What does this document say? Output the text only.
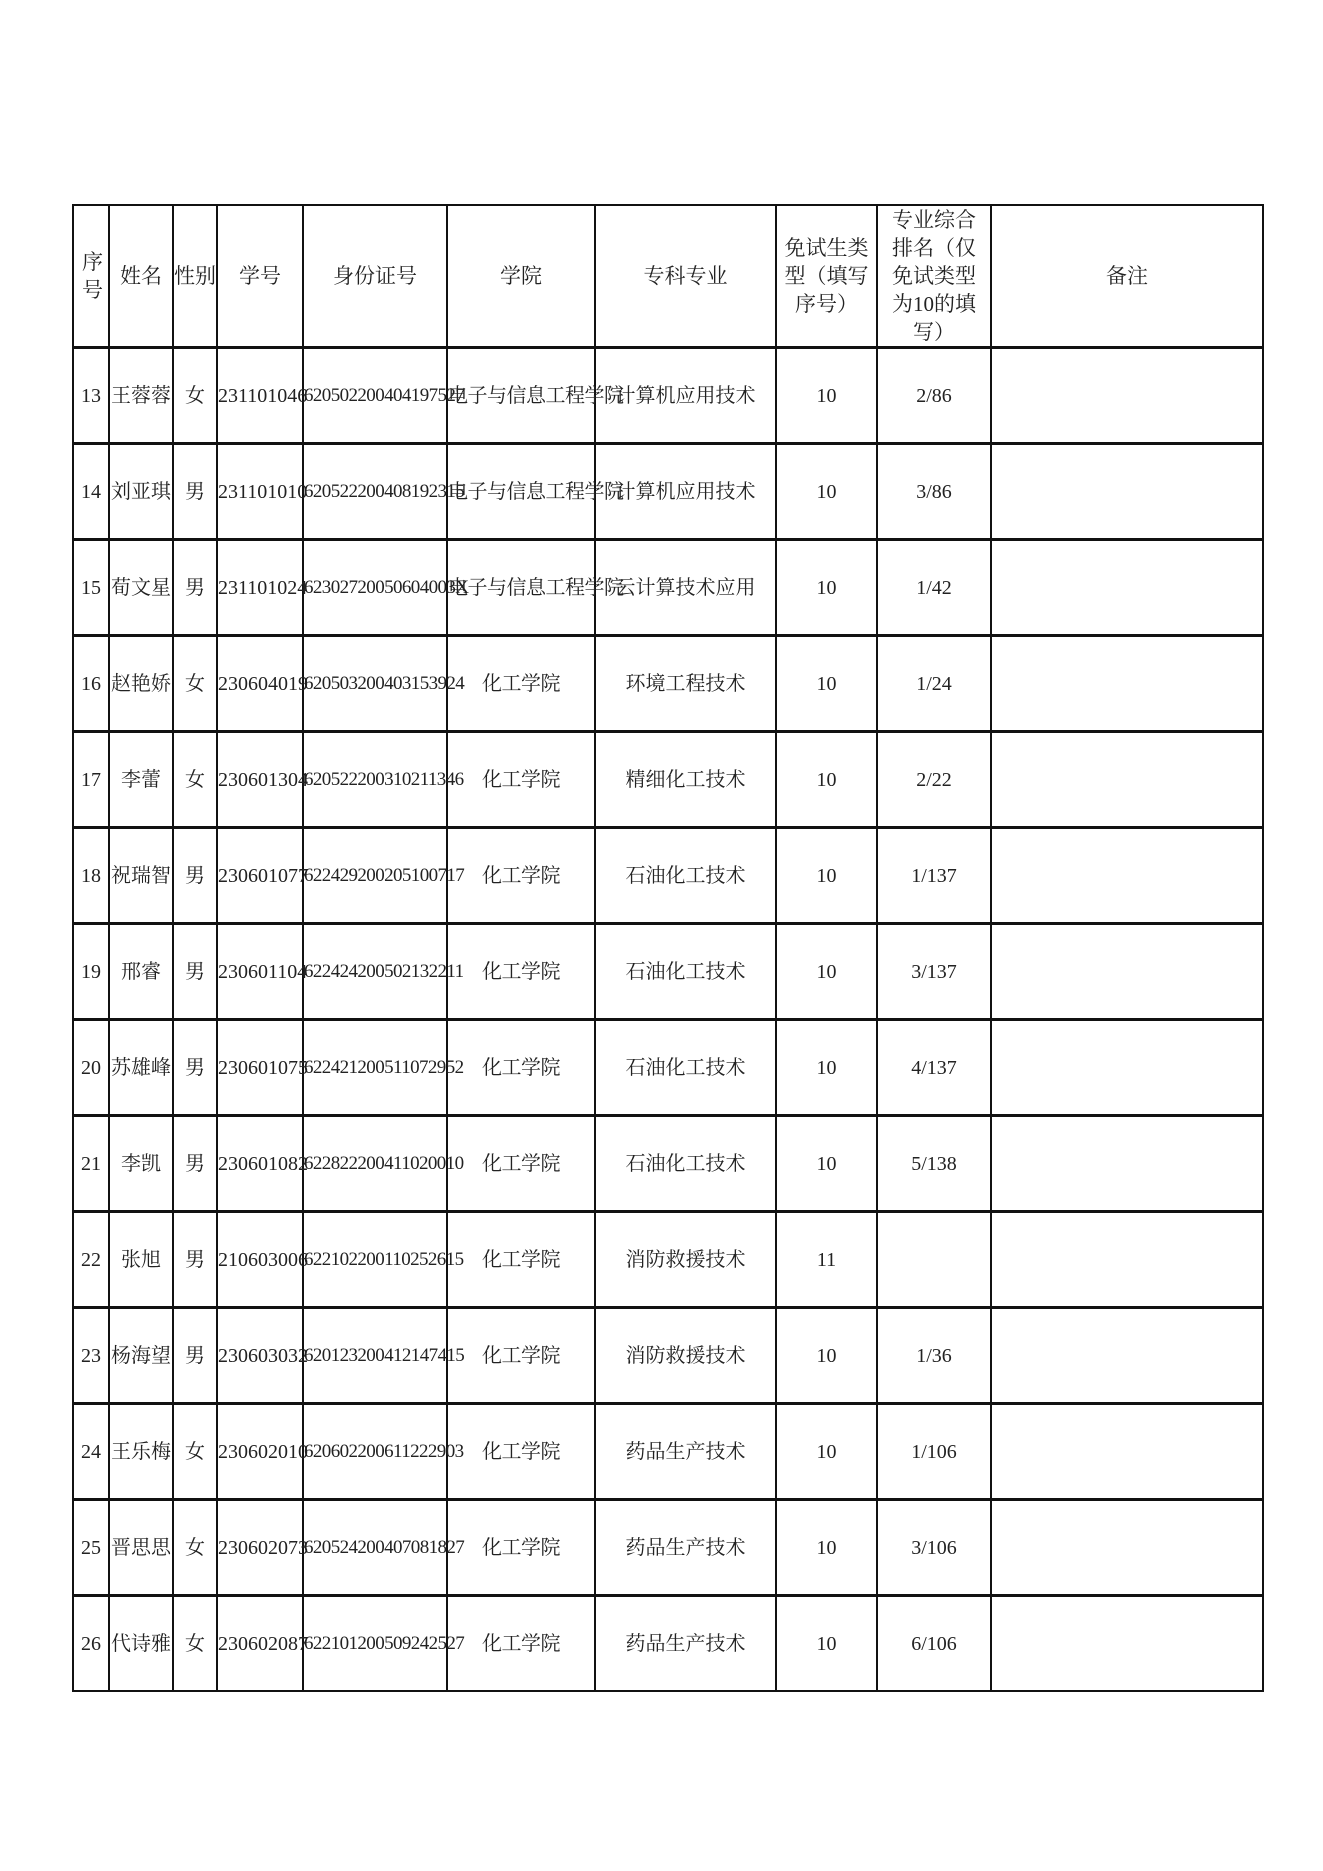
序号	姓名	性别	学号	身份证号	学院	专科专业	免试生类型（填写序号）	专业综合排名（仅免试类型为10的填写）	备注
13	王蓉蓉	女	231101046	620502200404197527	电子与信息工程学院	计算机应用技术	10	2/86	
14	刘亚琪	男	231101010	620522200408192315	电子与信息工程学院	计算机应用技术	10	3/86	
15	荀文星	男	231101024	62302720050604003X	电子与信息工程学院	云计算技术应用	10	1/42	
16	赵艳娇	女	230604019	620503200403153924	化工学院	环境工程技术	10	1/24	
17	李蕾	女	230601304	620522200310211346	化工学院	精细化工技术	10	2/22	
18	祝瑞智	男	230601077	622429200205100717	化工学院	石油化工技术	10	1/137	
19	邢睿	男	230601104	622424200502132211	化工学院	石油化工技术	10	3/137	
20	苏雄峰	男	230601075	622421200511072952	化工学院	石油化工技术	10	4/137	
21	李凯	男	230601082	622822200411020010	化工学院	石油化工技术	10	5/138	
22	张旭	男	210603006	622102200110252615	化工学院	消防救援技术	11		
23	杨海望	男	230603032	620123200412147415	化工学院	消防救援技术	10	1/36	
24	王乐梅	女	230602010	620602200611222903	化工学院	药品生产技术	10	1/106	
25	晋思思	女	230602073	620524200407081827	化工学院	药品生产技术	10	3/106	
26	代诗雅	女	230602087	622101200509242527	化工学院	药品生产技术	10	6/106	
